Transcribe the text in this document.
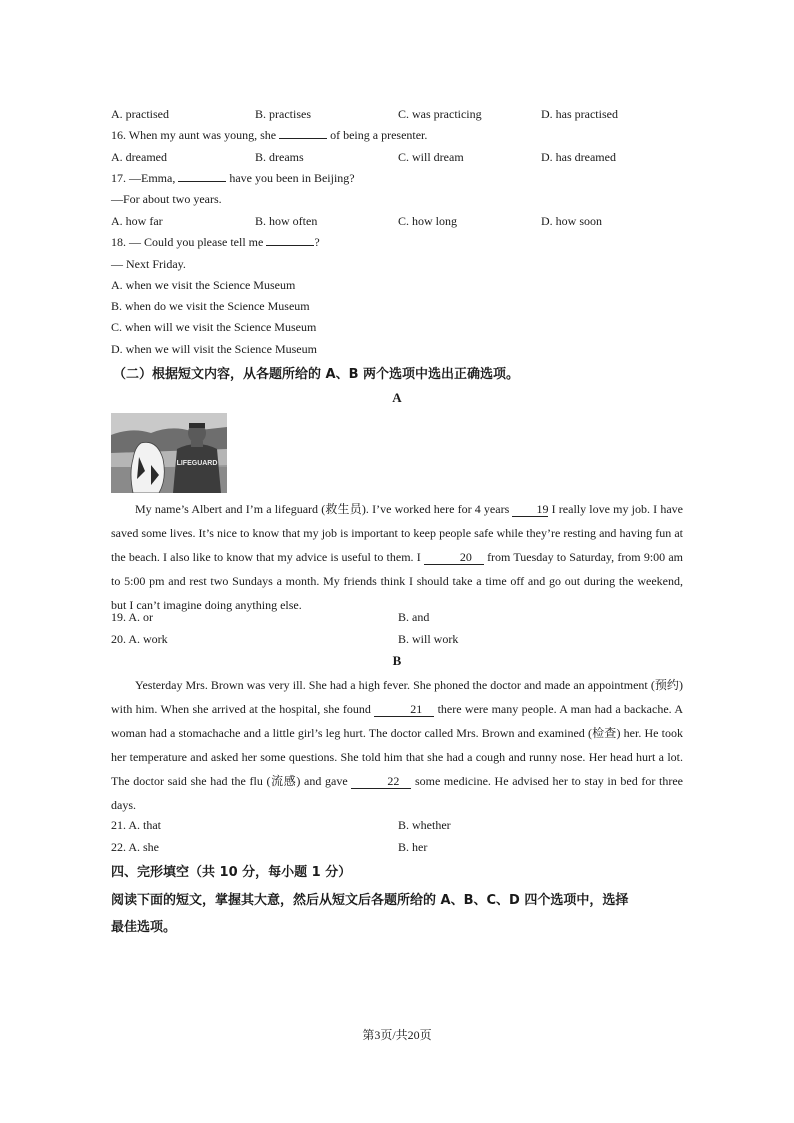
A. practised	B. practises	C. was practicing	D. has practised
16. When my aunt was young, she	of being a presenter.
A. dreamed	B. dreams	C. will dream	D. has dreamed
17. —Emma,	have you been in Beijing?
—For about two years.
A. how far	B. how often	C. how long	D. how soon
18. — Could you please tell me	?
— Next Friday.
A. when we visit the Science Museum
B. when do we visit the Science Museum
C. when will we visit the Science Museum
D. when we will visit the Science Museum
（二）根据短文内容，从各题所给的 A、B 两个选项中选出正确选项。
A
LIFEGUARD

My name’s Albert and I’m a lifeguard (救生员). I’ve worked here for 4 years 19 I really love my job. I have saved some lives. It’s nice to know that my job is important to keep people safe while they’re resting and having fun at the beach. I also like to know that my advice is useful to them. I	20 from Tuesday to Saturday, from 9:00 am to 5:00 pm and rest two Sundays a month. My friends think I should take a time off and go out during the weekend, but I can’t imagine doing anything else.

19. A. or	B. and
20. A. work	B. will work
B

Yesterday Mrs. Brown was very ill. She had a high fever. She phoned the doctor and made an appointment (预约) with him. When she arrived at the hospital, she found	21 there were many people. A man had a backache. A woman had a stomachache and a little girl’s leg hurt. The doctor called Mrs. Brown and examined (检查) her. He took her temperature and asked her some questions. She told him that she had a cough and runny nose. Her head hurt a lot. The doctor said she had the flu (流感) and gave	22 some medicine. He advised her to stay in bed for three days.

21. A. that	B. whether
22. A. she	B. her
四、完形填空（共 10 分，每小题 1 分）
阅读下面的短文，掌握其大意，然后从短文后各题所给的 A、B、C、D 四个选项中，选择
最佳选项。
第3页/共20页
